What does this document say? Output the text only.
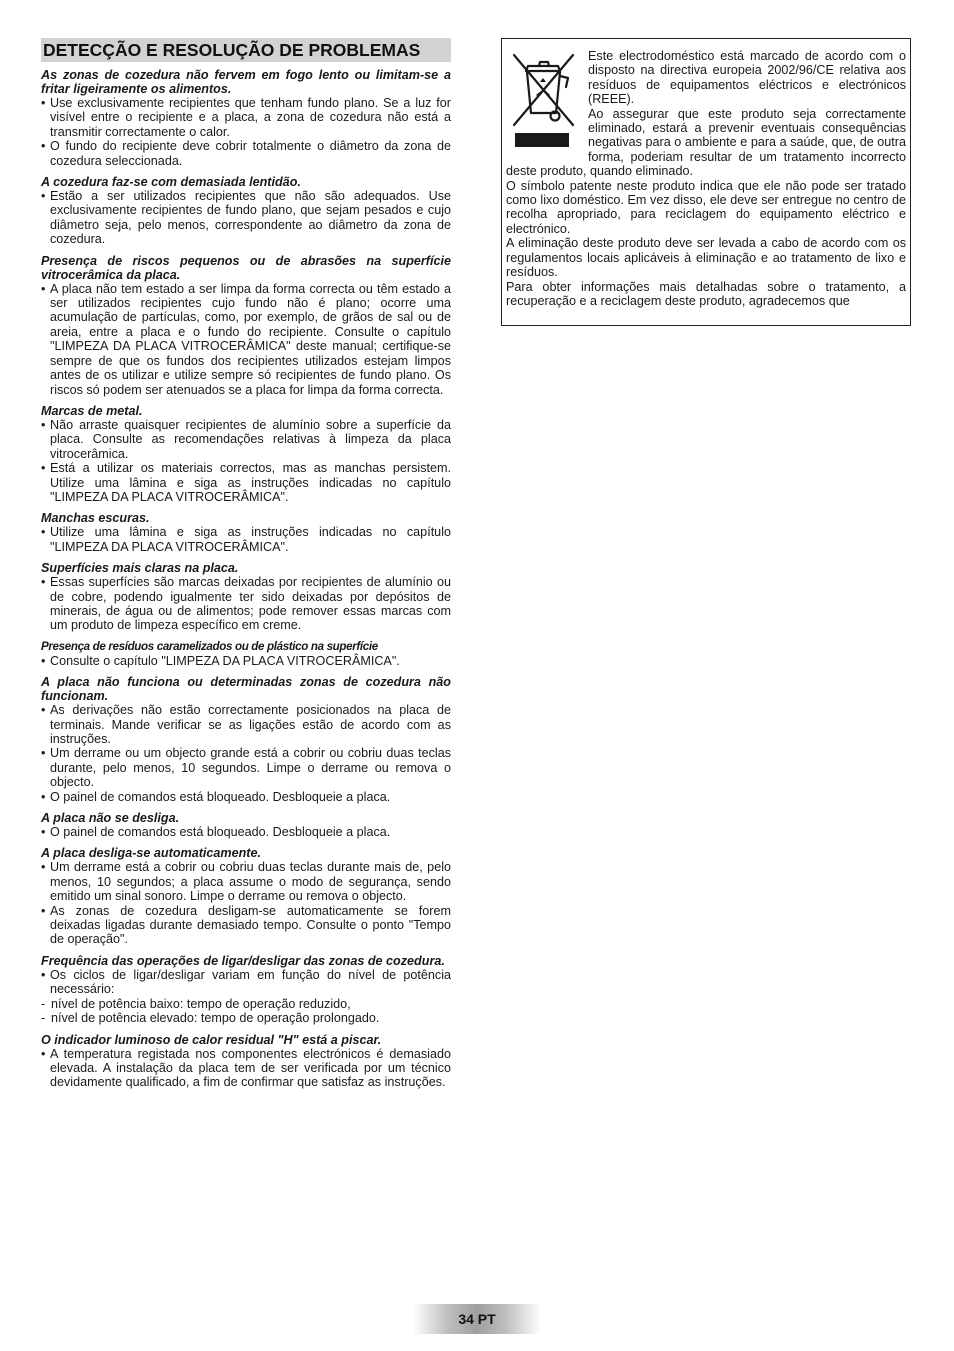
DETECÇÃO E RESOLUÇÃO DE PROBLEMAS
As zonas de cozedura não fervem em fogo lento ou limitam-se a fritar ligeiramente os alimentos.
• Use exclusivamente recipientes que tenham fundo plano. Se a luz for visível entre o recipiente e a placa, a zona de cozedura não está a transmitir correctamente o calor.
• O fundo do recipiente deve cobrir totalmente o diâmetro da zona de cozedura seleccionada.
A cozedura faz-se com demasiada lentidão.
• Estão a ser utilizados recipientes que não são adequados. Use exclusivamente recipientes de fundo plano, que sejam pesados e cujo diâmetro seja, pelo menos, correspondente ao diâmetro da zona de cozedura.
Presença de riscos pequenos ou de abrasões na superfície vitrocerâmica da placa.
• A placa não tem estado a ser limpa da forma correcta ou têm estado a ser utilizados recipientes cujo fundo não é plano; ocorre uma acumulação de partículas, como, por exemplo, de grãos de sal ou de areia, entre a placa e o fundo do recipiente. Consulte o capítulo "LIMPEZA DA PLACA VITROCERÂMICA" deste manual; certifique-se sempre de que os fundos dos recipientes utilizados estejam limpos antes de os utilizar e utilize sempre só recipientes de fundo plano. Os riscos só podem ser atenuados se a placa for limpa da forma correcta.
Marcas de metal.
• Não arraste quaisquer recipientes de alumínio sobre a superfície da placa. Consulte as recomendações relativas à limpeza da placa vitrocerâmica.
• Está a utilizar os materiais correctos, mas as manchas persistem. Utilize uma lâmina e siga as instruções indicadas no capítulo "LIMPEZA DA PLACA VITROCERÂMICA".
Manchas escuras.
• Utilize uma lâmina e siga as instruções indicadas no capítulo "LIMPEZA DA PLACA VITROCERÂMICA".
Superfícies mais claras na placa.
• Essas superfícies são marcas deixadas por recipientes de alumínio ou de cobre, podendo igualmente ter sido deixadas por depósitos de minerais, de água ou de alimentos; pode remover essas marcas com um produto de limpeza específico em creme.
Presença de resíduos caramelizados ou de plástico na superfície
• Consulte o capítulo "LIMPEZA DA PLACA VITROCERÂMICA".
A placa não funciona ou determinadas zonas de cozedura não funcionam.
• As derivações não estão correctamente posicionados na placa de terminais. Mande verificar se as ligações estão de acordo com as instruções.
• Um derrame ou um objecto grande está a cobrir ou cobriu duas teclas durante, pelo menos, 10 segundos. Limpe o derrame ou remova o objecto.
• O painel de comandos está bloqueado. Desbloqueie a placa.
A placa não se desliga.
• O painel de comandos está bloqueado. Desbloqueie a placa.
A placa desliga-se automaticamente.
• Um derrame está a cobrir ou cobriu duas teclas durante mais de, pelo menos, 10 segundos; a placa assume o modo de segurança, sendo emitido um sinal sonoro. Limpe o derrame ou remova o objecto.
• As zonas de cozedura desligam-se automaticamente se forem deixadas ligadas durante demasiado tempo. Consulte o ponto "Tempo de operação".
Frequência das operações de ligar/desligar das zonas de cozedura.
• Os ciclos de ligar/desligar variam em função do nível de potência necessário:
- nível de potência baixo: tempo de operação reduzido,
- nível de potência elevado: tempo de operação prolongado.
O indicador luminoso de calor residual "H" está a piscar.
• A temperatura registada nos componentes electrónicos é demasiado elevada. A instalação da placa tem de ser verificada por um técnico devidamente qualificado, a fim de confirmar que satisfaz as instruções.

Este electrodoméstico está marcado de acordo com o disposto na directiva europeia 2002/96/CE relativa aos resíduos de equipamentos eléctricos e electrónicos (REEE).

Ao assegurar que este produto seja correctamente eliminado, estará a prevenir eventuais consequências negativas para o ambiente e para a saúde, que, de outra forma, poderiam resultar de um tratamento incorrecto deste produto, quando eliminado.

O símbolo patente neste produto indica que ele não pode ser tratado como lixo doméstico. Em vez disso, ele deve ser entregue no centro de recolha apropriado, para reciclagem do equipamento eléctrico e electrónico.

A eliminação deste produto deve ser levada a cabo de acordo com os regulamentos locais aplicáveis à eliminação e ao tratamento de lixo e resíduos.

Para obter informações mais detalhadas sobre o tratamento, a recuperação e a reciclagem deste produto, agradecemos que

34 PT
